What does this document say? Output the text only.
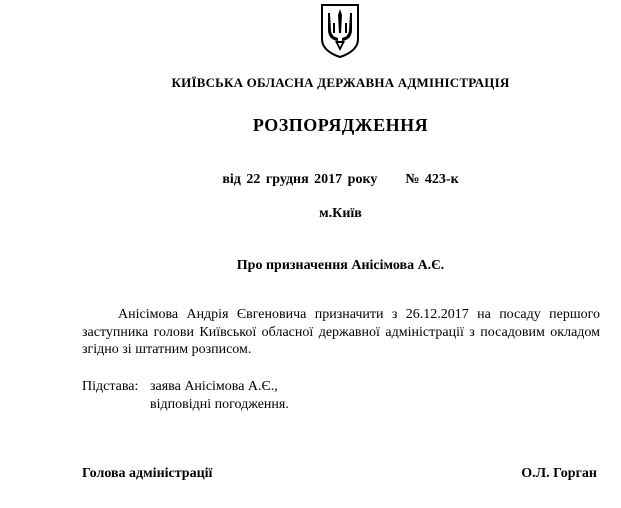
КИЇВСЬКА ОБЛАСНА ДЕРЖАВНА АДМІНІСТРАЦІЯ
РОЗПОРЯДЖЕННЯ
від 22 грудня 2017 року № 423-к
м.Київ
Про призначення Анісімова А.Є.
Анісімова Андрія Євгеновича призначити з 26.12.2017 на посаду першого заступника голови Київської обласної державної адміністрації з посадовим окладом згідно зі штатним розписом.
Підстава: заява Анісімова А.Є.,
відповідні погодження.
Голова адміністрації	О.Л. Горган
